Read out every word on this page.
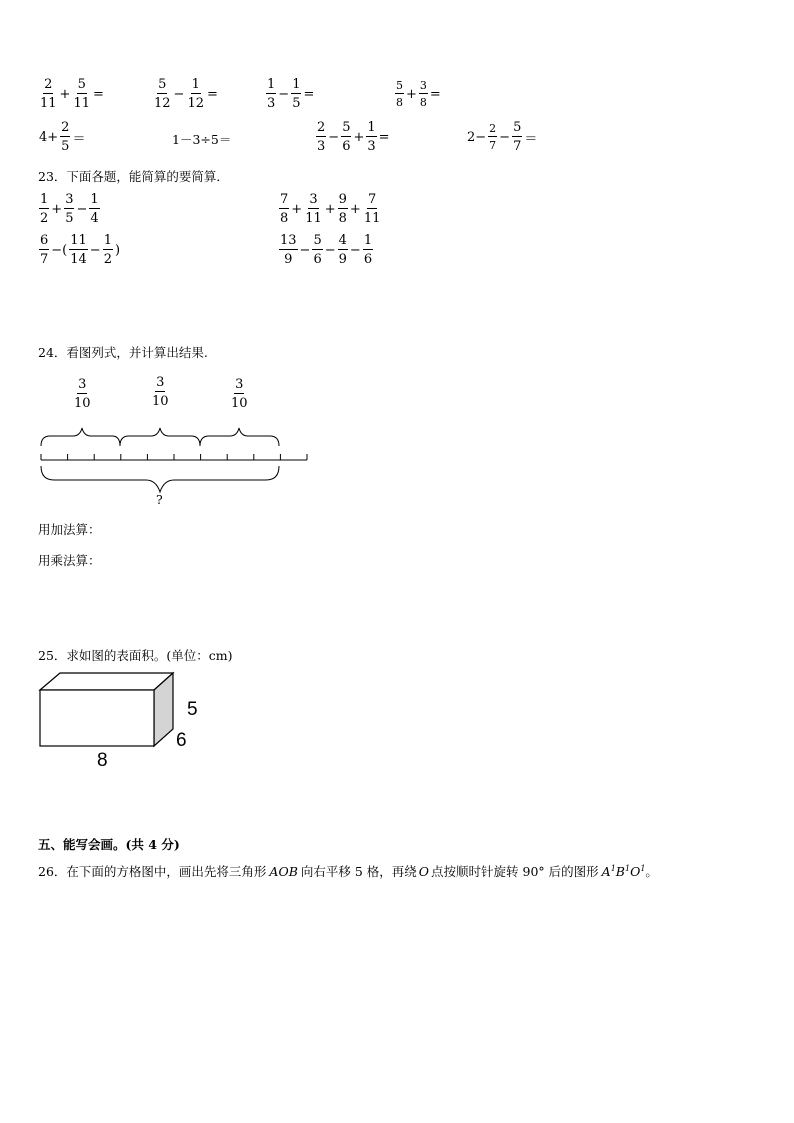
$\frac{2}{11} + \frac{5}{11}$ =	$\frac{5}{12} - \frac{1}{12}$ =	$\frac{1}{3} - \frac{1}{5}$ =	$\frac{5}{8} + \frac{3}{8}$ =
$4+ \frac{2}{5}$ ＝	1－3÷5＝	$\frac{2}{3} - \frac{5}{6} + \frac{1}{3}$ =	$2- \frac{2}{7} - \frac{5}{7}$ ＝
23．下面各题，能简算的要简算．
$\frac{1}{2} + \frac{3}{5} - \frac{1}{4}$	$\frac{7}{8} + \frac{3}{11} + \frac{9}{8} + \frac{7}{11}$
$\frac{6}{7}$ −( $\frac{11}{14} - \frac{1}{2}$ )	$\frac{13}{9} - \frac{5}{6} - \frac{4}{9} - \frac{1}{6}$
24．看图列式，并计算出结果.
$\frac{3}{10}$	$\frac{3}{10}$	$\frac{3}{10}$
?
用加法算：
用乘法算：
25．求如图的表面积。(单位：cm)
5
6
8
五、能写会画。(共 4 分)
26．在下面的方格图中，画出先将三角形 AOB 向右平移 5 格，再绕 O 点按顺时针旋转 90° 后的图形 $A^1B^1O^1$。
